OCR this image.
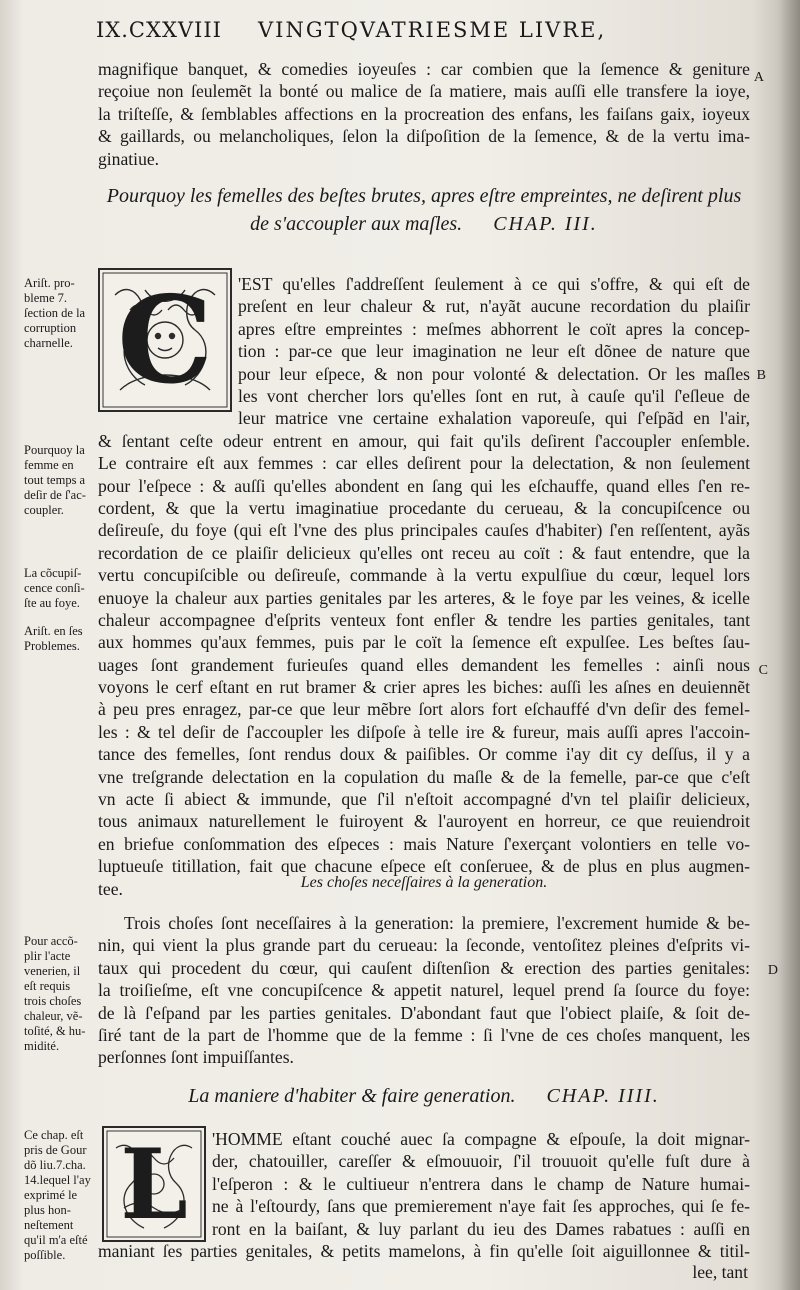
IX.CXXVIII VINGTQVATRIESME LIVRE,
magnifique banquet, & comedies ioyeuſes : car combien que la ſemence & geniture
reçoiue non ſeulemẽt la bonté ou malice de ſa matiere, mais auſſi elle transfere la ioye,
la triſteſſe, & ſemblables affections en la procreation des enfans, les faiſans gaix, ioyeux
& gaillards, ou melancholiques, ſelon la diſpoſition de la ſemence, & de la vertu ima-
ginatiue.
Pourquoy les femelles des beſtes brutes, apres eſtre empreintes, ne deſirent plus
de s'accoupler aux maſles. CHAP. III.
C	'EST qu'elles ſ'addreſſent ſeulement à ce qui s'offre, & qui eſt de
preſent en leur chaleur & rut, n'ayãt aucune recordation du plaiſir
apres eſtre empreintes : meſmes abhorrent le coït apres la concep-
tion : par-ce que leur imagination ne leur eſt dõnee de nature que
pour leur eſpece, & non pour volonté & delectation. Or les maſles
les vont chercher lors qu'elles ſont en rut, à cauſe qu'il ſ'eſleue de
leur matrice vne certaine exhalation vaporeuſe, qui ſ'eſpãd en l'air,
& ſentant ceſte odeur entrent en amour, qui fait qu'ils deſirent ſ'accoupler enſemble.
Le contraire eſt aux femmes : car elles deſirent pour la delectation, & non ſeulement
pour l'eſpece : & auſſi qu'elles abondent en ſang qui les eſchauffe, quand elles ſ'en re-
cordent, & que la vertu imaginatiue procedante du cerueau, & la concupiſcence ou
deſireuſe, du foye (qui eſt l'vne des plus principales cauſes d'habiter) ſ'en reſſentent, ayãs
recordation de ce plaiſir delicieux qu'elles ont receu au coït : & faut entendre, que la
vertu concupiſcible ou deſireuſe, commande à la vertu expulſiue du cœur, lequel lors
enuoye la chaleur aux parties genitales par les arteres, & le foye par les veines, & icelle
chaleur accompagnee d'eſprits venteux font enfler & tendre les parties genitales, tant
aux hommes qu'aux femmes, puis par le coït la ſemence eſt expulſee. Les beſtes ſau-
uages ſont grandement furieuſes quand elles demandent les femelles : ainſi nous
voyons le cerf eſtant en rut bramer & crier apres les biches: auſſi les aſnes en deuiennẽt
à peu pres enragez, par-ce que leur mẽbre ſort alors fort eſchauffé d'vn deſir des femel-
les : & tel deſir de ſ'accoupler les diſpoſe à telle ire & fureur, mais auſſi apres l'accoin-
tance des femelles, ſont rendus doux & paiſibles. Or comme i'ay dit cy deſſus, il y a
vne treſgrande delectation en la copulation du maſle & de la femelle, par-ce que c'eſt
vn acte ſi abiect & immunde, que ſ'il n'eſtoit accompagné d'vn tel plaiſir delicieux,
tous animaux naturellement le fuiroyent & l'auroyent en horreur, ce que reuiendroit
en briefue conſommation des eſpeces : mais Nature ſ'exerçant volontiers en telle vo-
luptueuſe titillation, fait que chacune eſpece eſt conſeruee, & de plus en plus augmen-
tee.	Les choſes neceſſaires à la generation.
Trois choſes ſont neceſſaires à la generation: la premiere, l'excrement humide & be-
nin, qui vient la plus grande part du cerueau: la ſeconde, ventoſitez pleines d'eſprits vi-
taux qui procedent du cœur, qui cauſent diſtenſion & erection des parties genitales:
la troiſieſme, eſt vne concupiſcence & appetit naturel, lequel prend ſa ſource du foye:
de là ſ'eſpand par les parties genitales. D'abondant faut que l'obiect plaiſe, & ſoit de-
ſiré tant de la part de l'homme que de la femme : ſi l'vne de ces choſes manquent, les
perſonnes ſont impuiſſantes.
La maniere d'habiter & faire generation. CHAP. IIII.
L	'HOMME eſtant couché auec ſa compagne & eſpouſe, la doit mignar-
der, chatouiller, careſſer & eſmouuoir, ſ'il trouuoit qu'elle fuſt dure à
l'eſperon : & le cultiueur n'entrera dans le champ de Nature humai-
ne à l'eſtourdy, ſans que premierement n'aye fait ſes approches, qui ſe fe-
ront en la baiſant, & luy parlant du ieu des Dames rabatues : auſſi en
maniant ſes parties genitales, & petits mamelons, à fin qu'elle ſoit aiguillonnee & titil-
lee, tant
Ariſt. pro-
bleme 7.
ſection de la
corruption
charnelle.
Pourquoy la
femme en
tout temps a
deſir de ſ'ac-
coupler.
La cõcupiſ-
cence conſi-
ſte au foye.
Ariſt. en ſes
Problemes.
Pour accõ-
plir l'acte
venerien, il
eſt requis
trois choſes
chaleur, vẽ-
toſité, & hu-
midité.
Ce chap. eſt
pris de Gour
dõ liu.7.cha.
14.lequel l'ay
exprimé le
plus hon-
neſtement
qu'il m'a eſté
poſſible.
A
B
C
D
